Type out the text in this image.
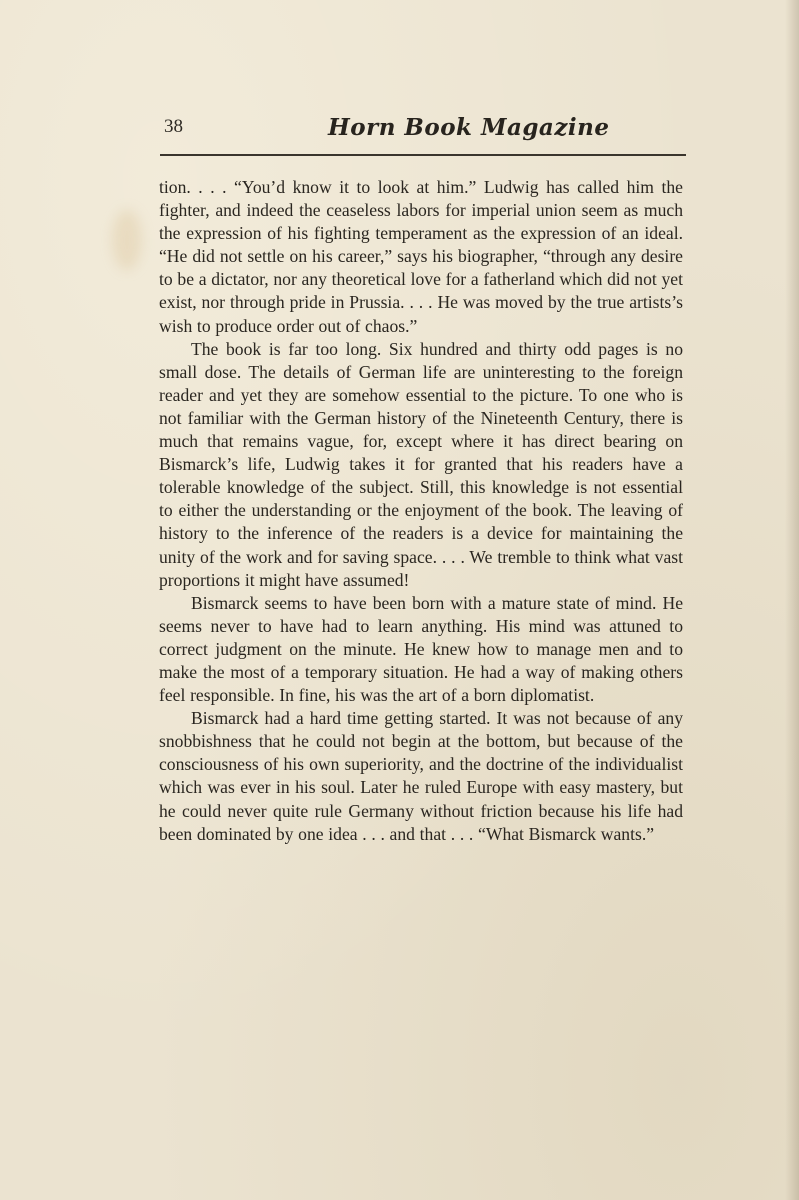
38	Horn Book Magazine

tion. . . . “You’d know it to look at him.” Ludwig has called him the fighter, and indeed the ceaseless labors for imperial union seem as much the expression of his fighting temperament as the expression of an ideal. “He did not settle on his career,” says his biographer, “through any desire to be a dictator, nor any theoretical love for a fatherland which did not yet exist, nor through pride in Prussia. . . . He was moved by the true artists’s wish to produce order out of chaos.”

The book is far too long. Six hundred and thirty odd pages is no small dose. The details of German life are uninteresting to the foreign reader and yet they are somehow essential to the picture. To one who is not familiar with the German history of the Nineteenth Century, there is much that remains vague, for, except where it has direct bearing on Bismarck’s life, Ludwig takes it for granted that his readers have a tolerable knowledge of the subject. Still, this knowledge is not essential to either the understanding or the enjoyment of the book. The leaving of history to the inference of the readers is a device for maintaining the unity of the work and for saving space. . . . We tremble to think what vast proportions it might have assumed!

Bismarck seems to have been born with a mature state of mind. He seems never to have had to learn anything. His mind was attuned to correct judgment on the minute. He knew how to manage men and to make the most of a temporary situation. He had a way of making others feel responsible. In fine, his was the art of a born diplomatist.

Bismarck had a hard time getting started. It was not because of any snobbishness that he could not begin at the bottom, but because of the consciousness of his own superiority, and the doctrine of the individualist which was ever in his soul. Later he ruled Europe with easy mastery, but he could never quite rule Germany without friction because his life had been dominated by one idea . . . and that . . . “What Bismarck wants.”
